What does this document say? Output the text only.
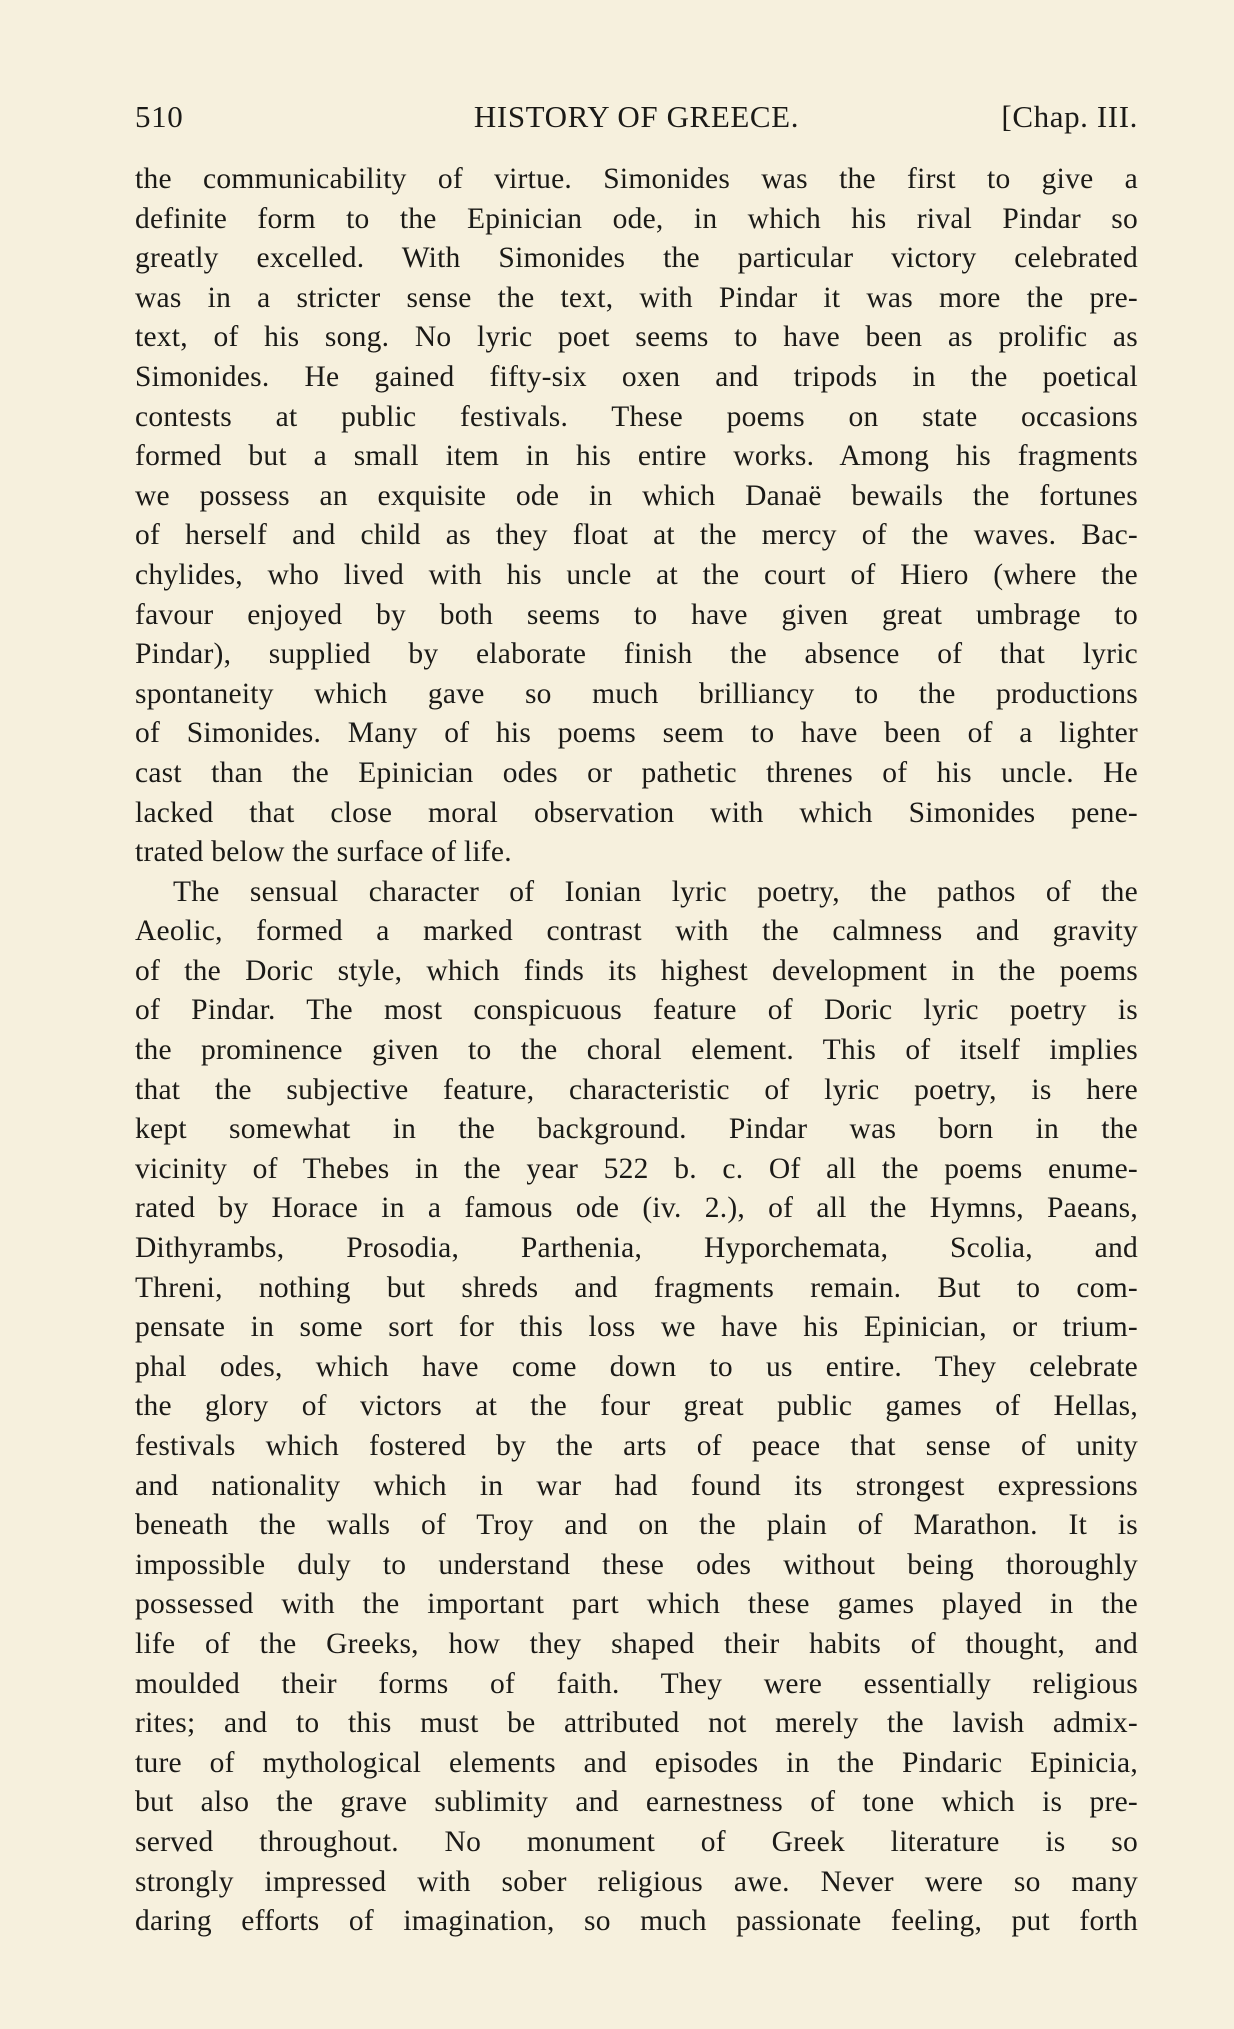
510	HISTORY OF GREECE.	[Chap. III.
the communicability of virtue. Simonides was the first to give a
definite form to the Epinician ode, in which his rival Pindar so
greatly excelled. With Simonides the particular victory celebrated
was in a stricter sense the text, with Pindar it was more the pre-
text, of his song. No lyric poet seems to have been as prolific as
Simonides. He gained fifty-six oxen and tripods in the poetical
contests at public festivals. These poems on state occasions
formed but a small item in his entire works. Among his fragments
we possess an exquisite ode in which Danaë bewails the fortunes
of herself and child as they float at the mercy of the waves. Bac-
chylides, who lived with his uncle at the court of Hiero (where the
favour enjoyed by both seems to have given great umbrage to
Pindar), supplied by elaborate finish the absence of that lyric
spontaneity which gave so much brilliancy to the productions
of Simonides. Many of his poems seem to have been of a lighter
cast than the Epinician odes or pathetic threnes of his uncle. He
lacked that close moral observation with which Simonides pene-
trated below the surface of life.
The sensual character of Ionian lyric poetry, the pathos of the
Aeolic, formed a marked contrast with the calmness and gravity
of the Doric style, which finds its highest development in the poems
of Pindar. The most conspicuous feature of Doric lyric poetry is
the prominence given to the choral element. This of itself implies
that the subjective feature, characteristic of lyric poetry, is here
kept somewhat in the background. Pindar was born in the
vicinity of Thebes in the year 522 b. c. Of all the poems enume-
rated by Horace in a famous ode (iv. 2.), of all the Hymns, Paeans,
Dithyrambs, Prosodia, Parthenia, Hyporchemata, Scolia, and
Threni, nothing but shreds and fragments remain. But to com-
pensate in some sort for this loss we have his Epinician, or trium-
phal odes, which have come down to us entire. They celebrate
the glory of victors at the four great public games of Hellas,
festivals which fostered by the arts of peace that sense of unity
and nationality which in war had found its strongest expressions
beneath the walls of Troy and on the plain of Marathon. It is
impossible duly to understand these odes without being thoroughly
possessed with the important part which these games played in the
life of the Greeks, how they shaped their habits of thought, and
moulded their forms of faith. They were essentially religious
rites; and to this must be attributed not merely the lavish admix-
ture of mythological elements and episodes in the Pindaric Epinicia,
but also the grave sublimity and earnestness of tone which is pre-
served throughout. No monument of Greek literature is so
strongly impressed with sober religious awe. Never were so many
daring efforts of imagination, so much passionate feeling, put forth
